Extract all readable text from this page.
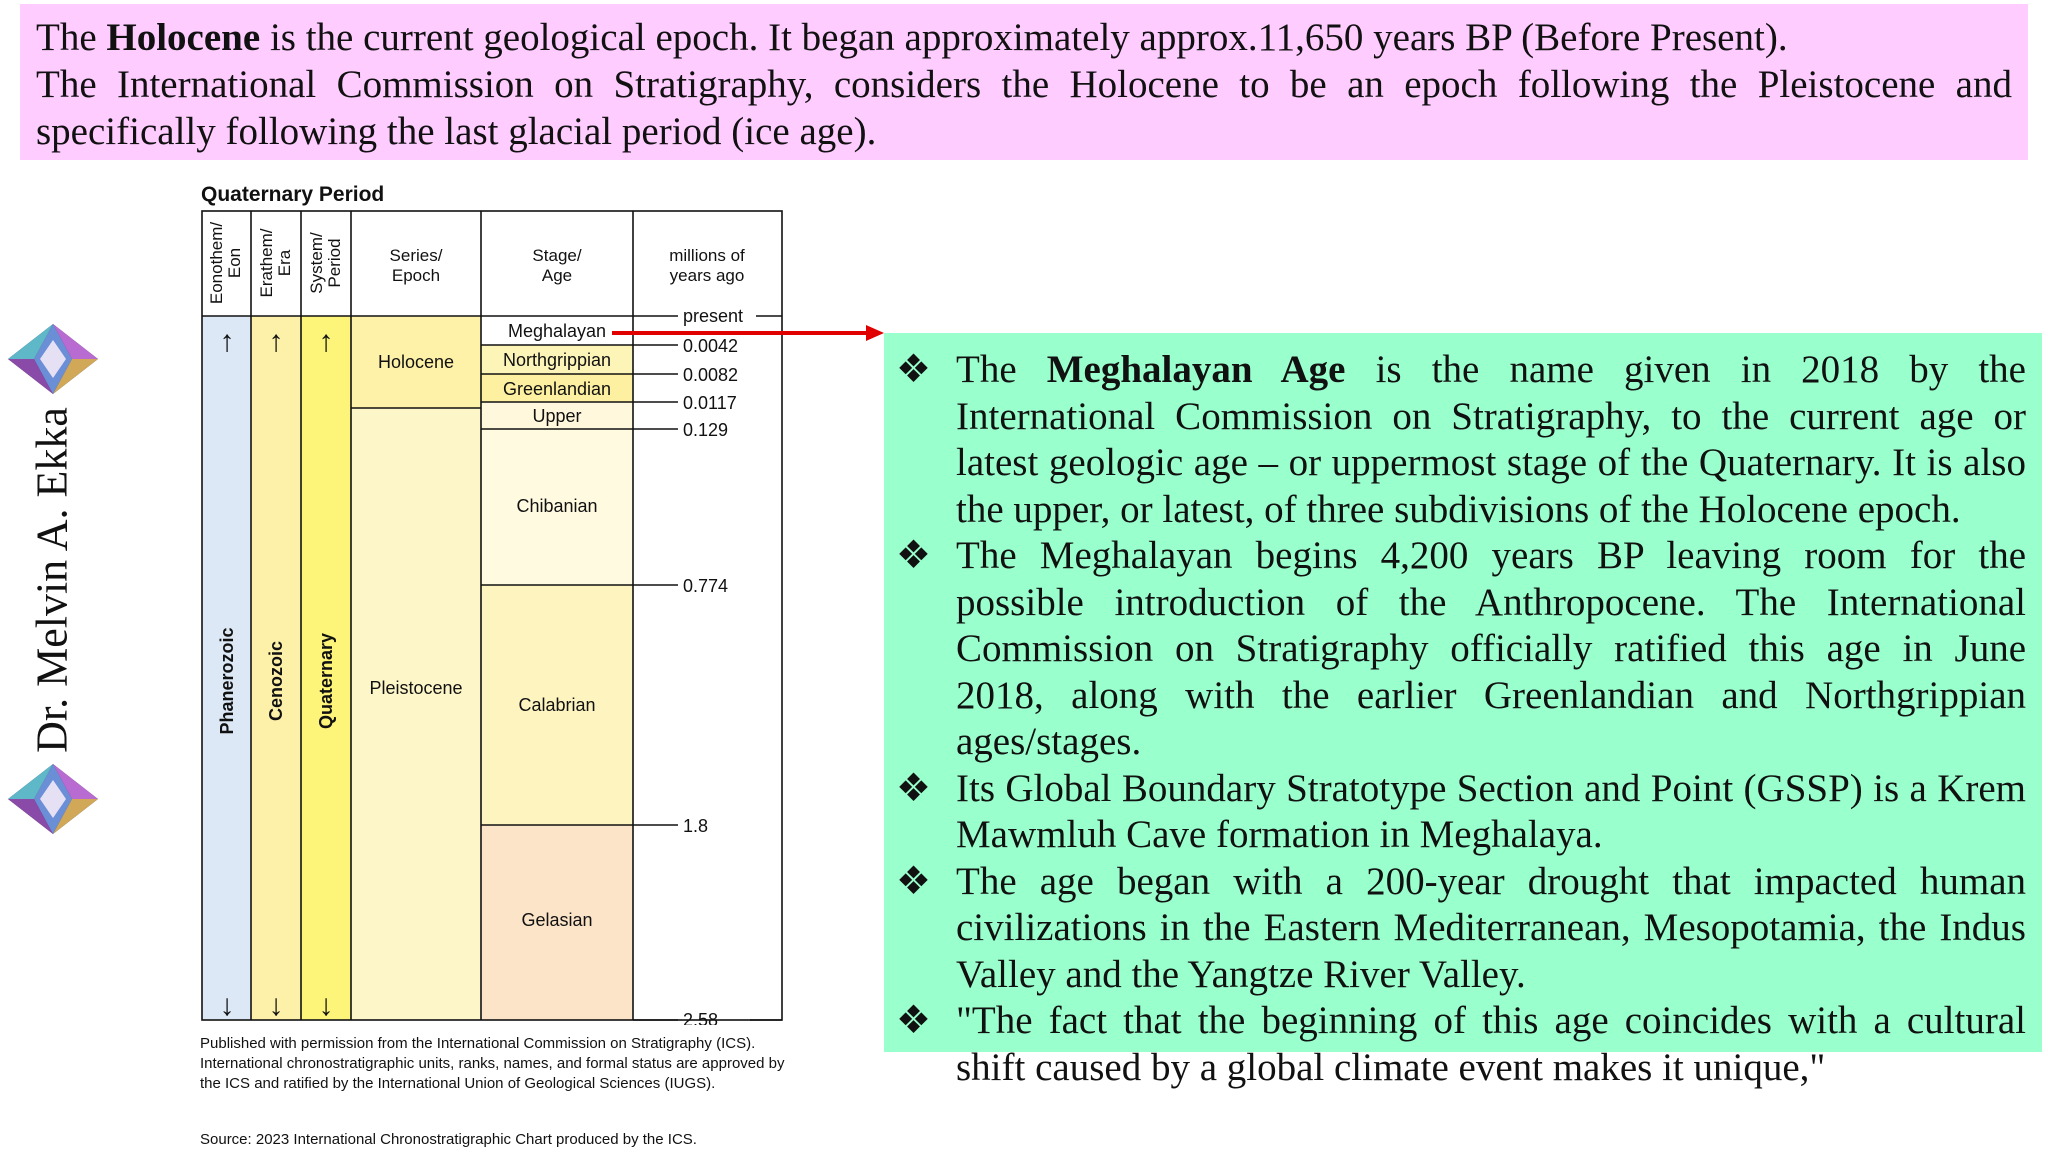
The Holocene is the current geological epoch. It began approximately approx.11,650 years BP (Before Present).

The International Commission on Stratigraphy, considers the Holocene to be an epoch following the Pleistocene and specifically following the last glacial period (ice age).

Dr. Melvin A. Ekka
Quaternary Period
Eonothem/ Eon Erathem/ Era System/ Period	Series/
Epoch
Stage/
Age
millions of
years ago
Phanerozoic Cenozoic Quaternary
↑ ↑ ↑
↓ ↓ ↓
Holocene
Pleistocene
Meghalayan
Northgrippian
Greenlandian
Upper
Chibanian
Calabrian
Gelasian
present
0.0042
0.0082
0.0117
0.129
0.774
1.8
2.58
Published with permission from the International Commission on Stratigraphy (ICS). International chronostratigraphic units, ranks, names, and formal status are approved by the ICS and ratified by the International Union of Geological Sciences (IUGS).
Source: 2023 International Chronostratigraphic Chart produced by the ICS.
❖ The Meghalayan Age is the name given in 2018 by the International Commission on Stratigraphy, to the current age or latest geologic age – or uppermost stage of the Quaternary. It is also the upper, or latest, of three subdivisions of the Holocene epoch.
❖ The Meghalayan begins 4,200 years BP leaving room for the possible introduction of the Anthropocene. The International Commission on Stratigraphy officially ratified this age in June 2018, along with the earlier Greenlandian and Northgrippian ages/stages.
❖ Its Global Boundary Stratotype Section and Point (GSSP) is a Krem Mawmluh Cave formation in Meghalaya.
❖ The age began with a 200-year drought that impacted human civilizations in the Eastern Mediterranean, Mesopotamia, the Indus Valley and the Yangtze River Valley.
❖ "The fact that the beginning of this age coincides with a cultural shift caused by a global climate event makes it unique,"
